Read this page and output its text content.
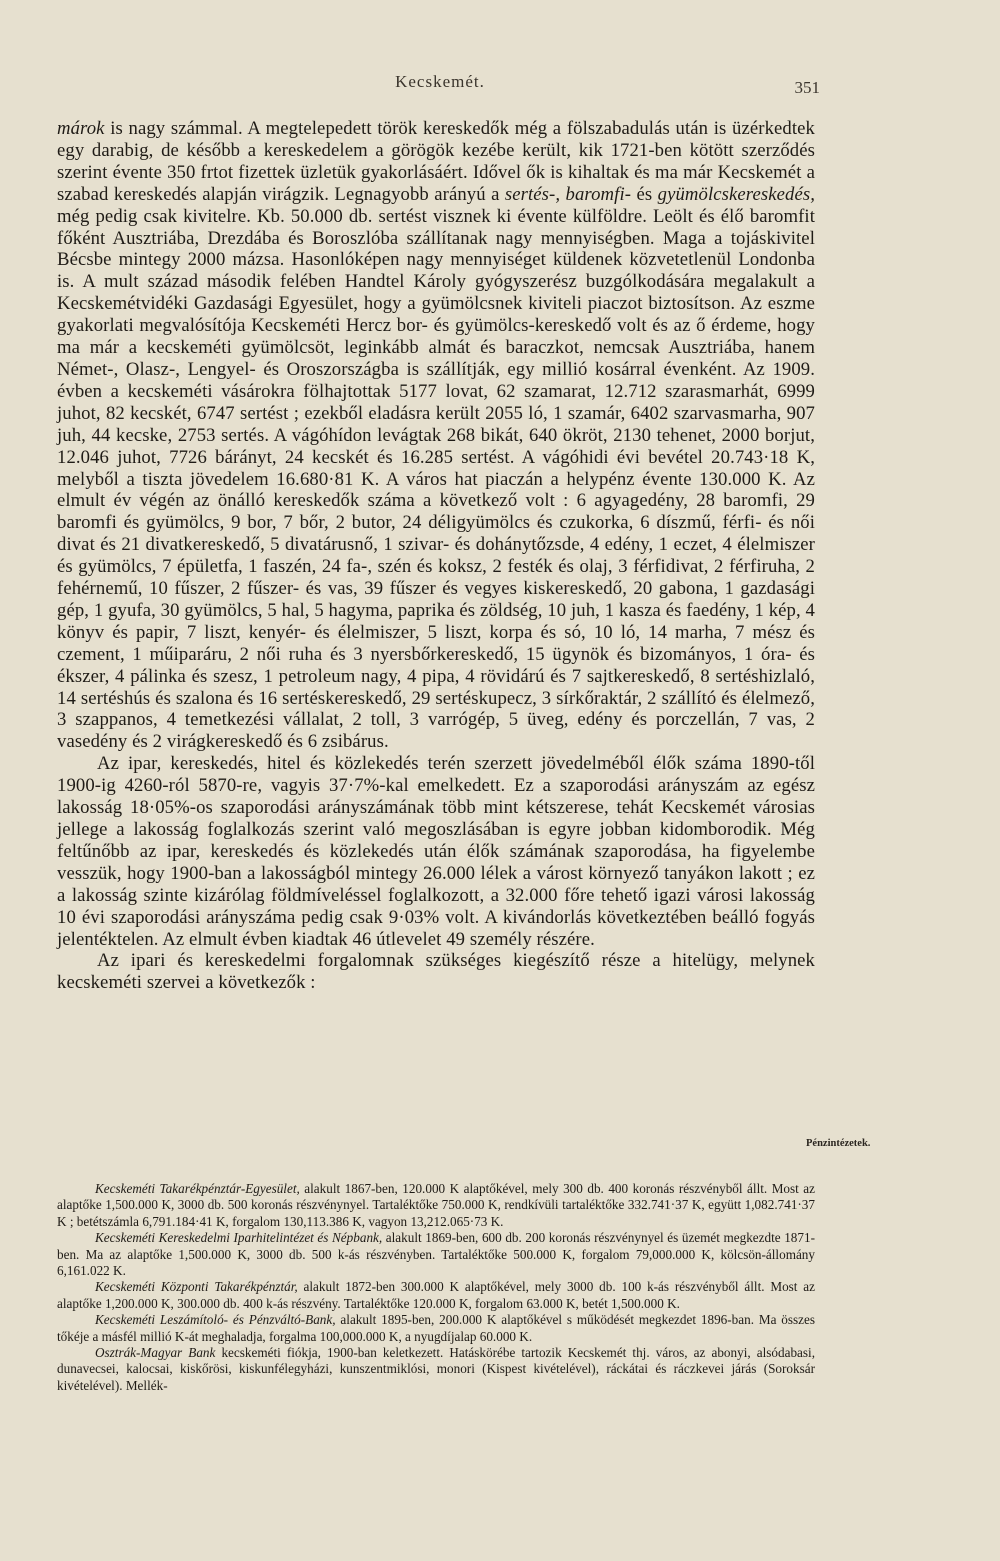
Kecskemét.	351

márok is nagy számmal. A megtelepedett török kereskedők még a fölszabadulás után is üzérkedtek egy darabig, de később a kereskedelem a görögök kezébe került, kik 1721-ben kötött szerződés szerint évente 350 frtot fizettek üzletük gyakorlásáért. Idővel ők is kihaltak és ma már Kecskemét a szabad kereskedés alapján virágzik. Legnagyobb arányú a sertés-, baromfi- és gyümölcskereskedés, még pedig csak kivitelre. Kb. 50.000 db. sertést visznek ki évente külföldre. Leölt és élő baromfit főként Ausztriába, Drezdába és Boroszlóba szállítanak nagy mennyiségben. Maga a tojáskivitel Bécsbe mintegy 2000 mázsa. Hasonlóképen nagy mennyiséget küldenek közvetetlenül Londonba is. A mult század második felében Handtel Károly gyógyszerész buzgólkodására megalakult a Kecskemétvidéki Gazdasági Egyesület, hogy a gyümölcsnek kiviteli piaczot biztosítson. Az eszme gyakorlati megvalósítója Kecskeméti Hercz bor- és gyümölcs-kereskedő volt és az ő érdeme, hogy ma már a kecskeméti gyümölcsöt, leginkább almát és baraczkot, nemcsak Ausztriába, hanem Német-, Olasz-, Lengyel- és Oroszországba is szállítják, egy millió kosárral évenként. Az 1909. évben a kecskeméti vásárokra fölhajtottak 5177 lovat, 62 szamarat, 12.712 szarasmarhát, 6999 juhot, 82 kecskét, 6747 sertést ; ezekből eladásra került 2055 ló, 1 szamár, 6402 szarvasmarha, 907 juh, 44 kecske, 2753 sertés. A vágóhídon levágtak 268 bikát, 640 ökröt, 2130 tehenet, 2000 borjut, 12.046 juhot, 7726 bárányt, 24 kecskét és 16.285 sertést. A vágóhidi évi bevétel 20.743·18 K, melyből a tiszta jövedelem 16.680·81 K. A város hat piaczán a helypénz évente 130.000 K. Az elmult év végén az önálló kereskedők száma a következő volt : 6 agyagedény, 28 baromfi, 29 baromfi és gyümölcs, 9 bor, 7 bőr, 2 butor, 24 déligyümölcs és czukorka, 6 díszmű, férfi- és női divat és 21 divatkereskedő, 5 divatárusnő, 1 szivar- és dohánytőzsde, 4 edény, 1 eczet, 4 élelmiszer és gyümölcs, 7 épületfa, 1 faszén, 24 fa-, szén és koksz, 2 festék és olaj, 3 férfidivat, 2 férfiruha, 2 fehérnemű, 10 fűszer, 2 fűszer- és vas, 39 fűszer és vegyes kiskereskedő, 20 gabona, 1 gazdasági gép, 1 gyufa, 30 gyümölcs, 5 hal, 5 hagyma, paprika és zöldség, 10 juh, 1 kasza és faedény, 1 kép, 4 könyv és papir, 7 liszt, kenyér- és élelmiszer, 5 liszt, korpa és só, 10 ló, 14 marha, 7 mész és czement, 1 műiparáru, 2 női ruha és 3 nyersbőrkereskedő, 15 ügynök és bizományos, 1 óra- és ékszer, 4 pálinka és szesz, 1 petroleum nagy, 4 pipa, 4 rövidárú és 7 sajtkereskedő, 8 sertéshizlaló, 14 sertéshús és szalona és 16 sertéskereskedő, 29 sertéskupecz, 3 sírkőraktár, 2 szállító és élelmező, 3 szappanos, 4 temetkezési vállalat, 2 toll, 3 varrógép, 5 üveg, edény és porczellán, 7 vas, 2 vasedény és 2 virágkereskedő és 6 zsibárus.

Az ipar, kereskedés, hitel és közlekedés terén szerzett jövedelméből élők száma 1890-től 1900-ig 4260-ról 5870-re, vagyis 37·7%-kal emelkedett. Ez a szaporodási arányszám az egész lakosság 18·05%-os szaporodási arányszámának több mint kétszerese, tehát Kecskemét városias jellege a lakosság foglalkozás szerint való megoszlásában is egyre jobban kidomborodik. Még feltűnőbb az ipar, kereskedés és közlekedés után élők számának szaporodása, ha figyelembe vesszük, hogy 1900-ban a lakosságból mintegy 26.000 lélek a várost környező tanyákon lakott ; ez a lakosság szinte kizárólag földmíveléssel foglalkozott, a 32.000 főre tehető igazi városi lakosság 10 évi szaporodási arányszáma pedig csak 9·03% volt. A kivándorlás következtében beálló fogyás jelentéktelen. Az elmult évben kiadtak 46 útlevelet 49 személy részére.

Az ipari és kereskedelmi forgalomnak szükséges kiegészítő része a hitelügy, melynek kecskeméti szervei a következők :

Pénzintézetek.

Kecskeméti Takarékpénztár-Egyesület, alakult 1867-ben, 120.000 K alaptőkével, mely 300 db. 400 koronás részvényből állt. Most az alaptőke 1,500.000 K, 3000 db. 500 koronás részvénynyel. Tartaléktőke 750.000 K, rendkívüli tartaléktőke 332.741·37 K, együtt 1,082.741·37 K ; betétszámla 6,791.184·41 K, forgalom 130,113.386 K, vagyon 13,212.065·73 K.

Kecskeméti Kereskedelmi Iparhitelintézet és Népbank, alakult 1869-ben, 600 db. 200 koronás részvénynyel és üzemét megkezdte 1871-ben. Ma az alaptőke 1,500.000 K, 3000 db. 500 k-ás részvényben. Tartaléktőke 500.000 K, forgalom 79,000.000 K, kölcsön-állomány 6,161.022 K.

Kecskeméti Központi Takarékpénztár, alakult 1872-ben 300.000 K alaptőkével, mely 3000 db. 100 k-ás részvényből állt. Most az alaptőke 1,200.000 K, 300.000 db. 400 k-ás részvény. Tartaléktőke 120.000 K, forgalom 63.000 K, betét 1,500.000 K.

Kecskeméti Leszámítoló- és Pénzváltó-Bank, alakult 1895-ben, 200.000 K alaptőkével s működését megkezdet 1896-ban. Ma összes tőkéje a másfél millió K-át meghaladja, forgalma 100,000.000 K, a nyugdíjalap 60.000 K.

Osztrák-Magyar Bank kecskeméti fiókja, 1900-ban keletkezett. Hatáskörébe tartozik Kecskemét thj. város, az abonyi, alsódabasi, dunavecsei, kalocsai, kiskőrösi, kiskunfélegyházi, kunszentmiklósi, monori (Kispest kivételével), ráckátai és ráczkevei járás (Soroksár kivételével). Mellék-
